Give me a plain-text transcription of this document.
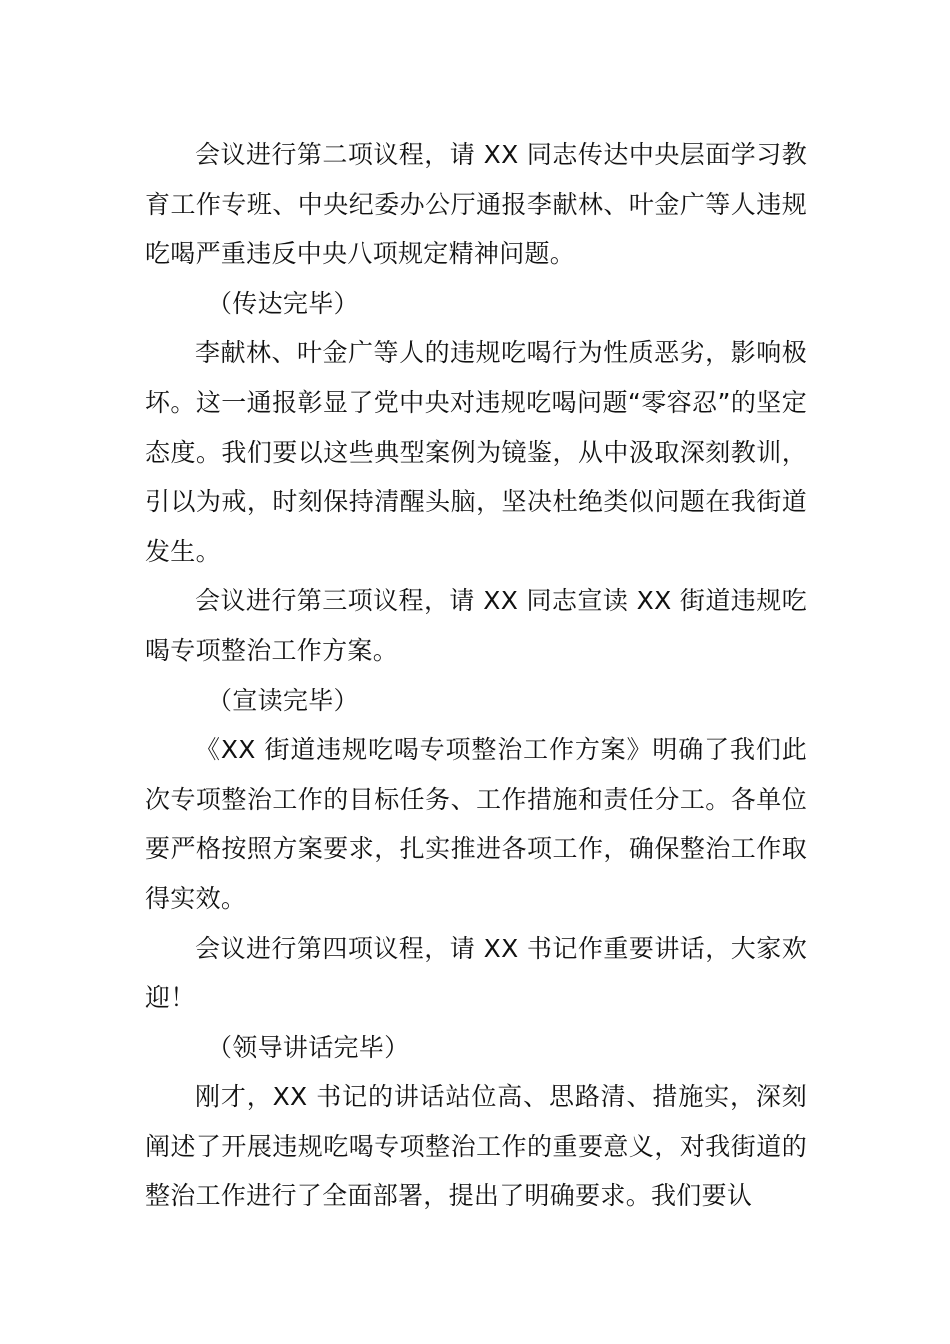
会议进行第二项议程，请 XX 同志传达中央层面学习教育工作专班、中央纪委办公厅通报李献林、叶金广等人违规吃喝严重违反中央八项规定精神问题。

（传达完毕）

李献林、叶金广等人的违规吃喝行为性质恶劣，影响极坏。这一通报彰显了党中央对违规吃喝问题“零容忍”的坚定态度。我们要以这些典型案例为镜鉴，从中汲取深刻教训，引以为戒，时刻保持清醒头脑，坚决杜绝类似问题在我街道发生。

会议进行第三项议程，请 XX 同志宣读 XX 街道违规吃喝专项整治工作方案。

（宣读完毕）

《XX 街道违规吃喝专项整治工作方案》明确了我们此次专项整治工作的目标任务、工作措施和责任分工。各单位要严格按照方案要求，扎实推进各项工作，确保整治工作取得实效。

会议进行第四项议程，请 XX 书记作重要讲话，大家欢迎！

（领导讲话完毕）

刚才，XX 书记的讲话站位高、思路清、措施实，深刻阐述了开展违规吃喝专项整治工作的重要意义，对我街道的整治工作进行了全面部署，提出了明确要求。我们要认
